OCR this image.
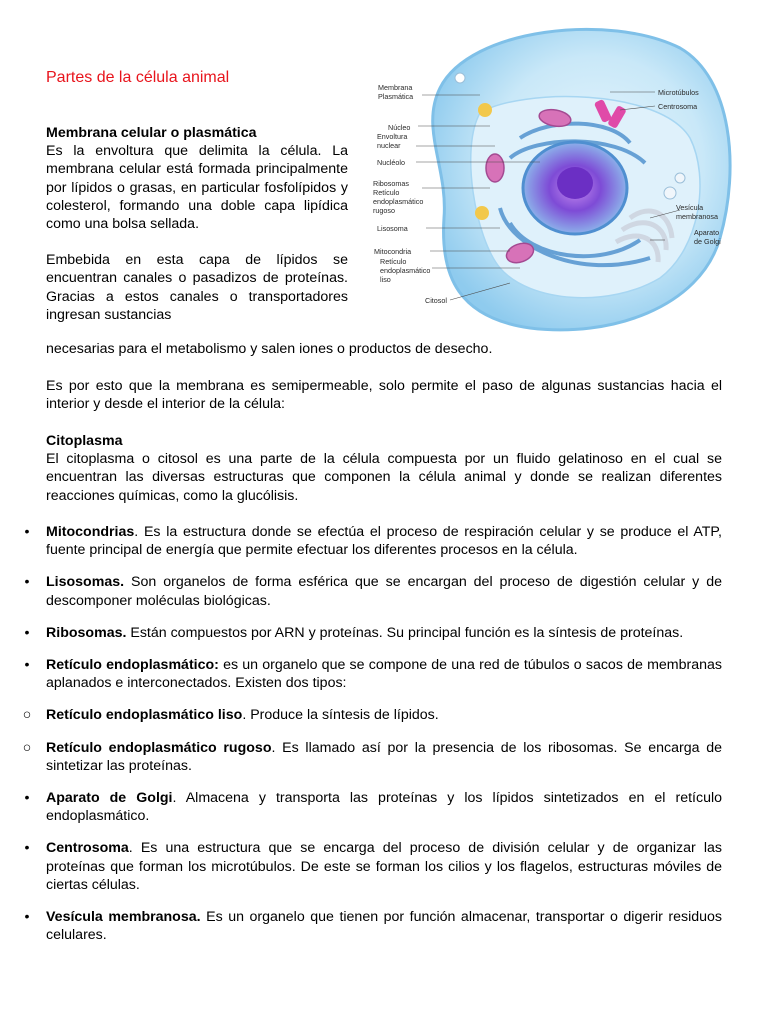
Partes de la célula animal
Membrana celular o plasmática

Es la envoltura que delimita la célula. La membrana celular está formada principalmente por lípidos o grasas, en particular fosfolípidos y colesterol, formando una doble capa lipídica como una bolsa sellada.

Embebida en esta capa de lípidos se encuentran canales o pasadizos de proteínas. Gracias a estos canales o transportadores ingresan sustancias

necesarias para el metabolismo y salen iones o productos de desecho.

Es por esto que la membrana es semipermeable, solo permite el paso de algunas sustancias hacia el interior y desde el interior de la célula:

Citoplasma

El citoplasma o citosol es una parte de la célula compuesta por un fluido gelatinoso en el cual se encuentran las diversas estructuras que componen la célula animal y donde se realizan diferentes reacciones químicas, como la glucólisis.

•	Mitocondrias. Es la estructura donde se efectúa el proceso de respiración celular y se produce el ATP, fuente principal de energía que permite efectuar los diferentes procesos en la célula.
•	Lisosomas. Son organelos de forma esférica que se encargan del proceso de digestión celular y de descomponer moléculas biológicas.
•	Ribosomas. Están compuestos por ARN y proteínas. Su principal función es la síntesis de proteínas.
•	Retículo endoplasmático: es un organelo que se compone de una red de túbulos o sacos de membranas aplanados e interconectados. Existen dos tipos:
○ Retículo endoplasmático liso. Produce la síntesis de lípidos.
○ Retículo endoplasmático rugoso. Es llamado así por la presencia de los ribosomas. Se encarga de sintetizar las proteínas.
•	Aparato de Golgi. Almacena y transporta las proteínas y los lípidos sintetizados en el retículo endoplasmático.
•	Centrosoma. Es una estructura que se encarga del proceso de división celular y de organizar las proteínas que forman los microtúbulos. De este se forman los cilios y los flagelos, estructuras móviles de ciertas células.
•	Vesícula membranosa. Es un organelo que tienen por función almacenar, transportar o digerir residuos celulares.
Membrana
Plasmática
Núcleo
Envoltura
nuclear
Nucléolo
Ribosomas
Retículo
endoplasmático
rugoso
Lisosoma
Mitocondria
Retículo
endoplasmático
liso
Citosol
Microtúbulos
Centrosoma
Vesícula
membranosa
Aparato
de Golgi
